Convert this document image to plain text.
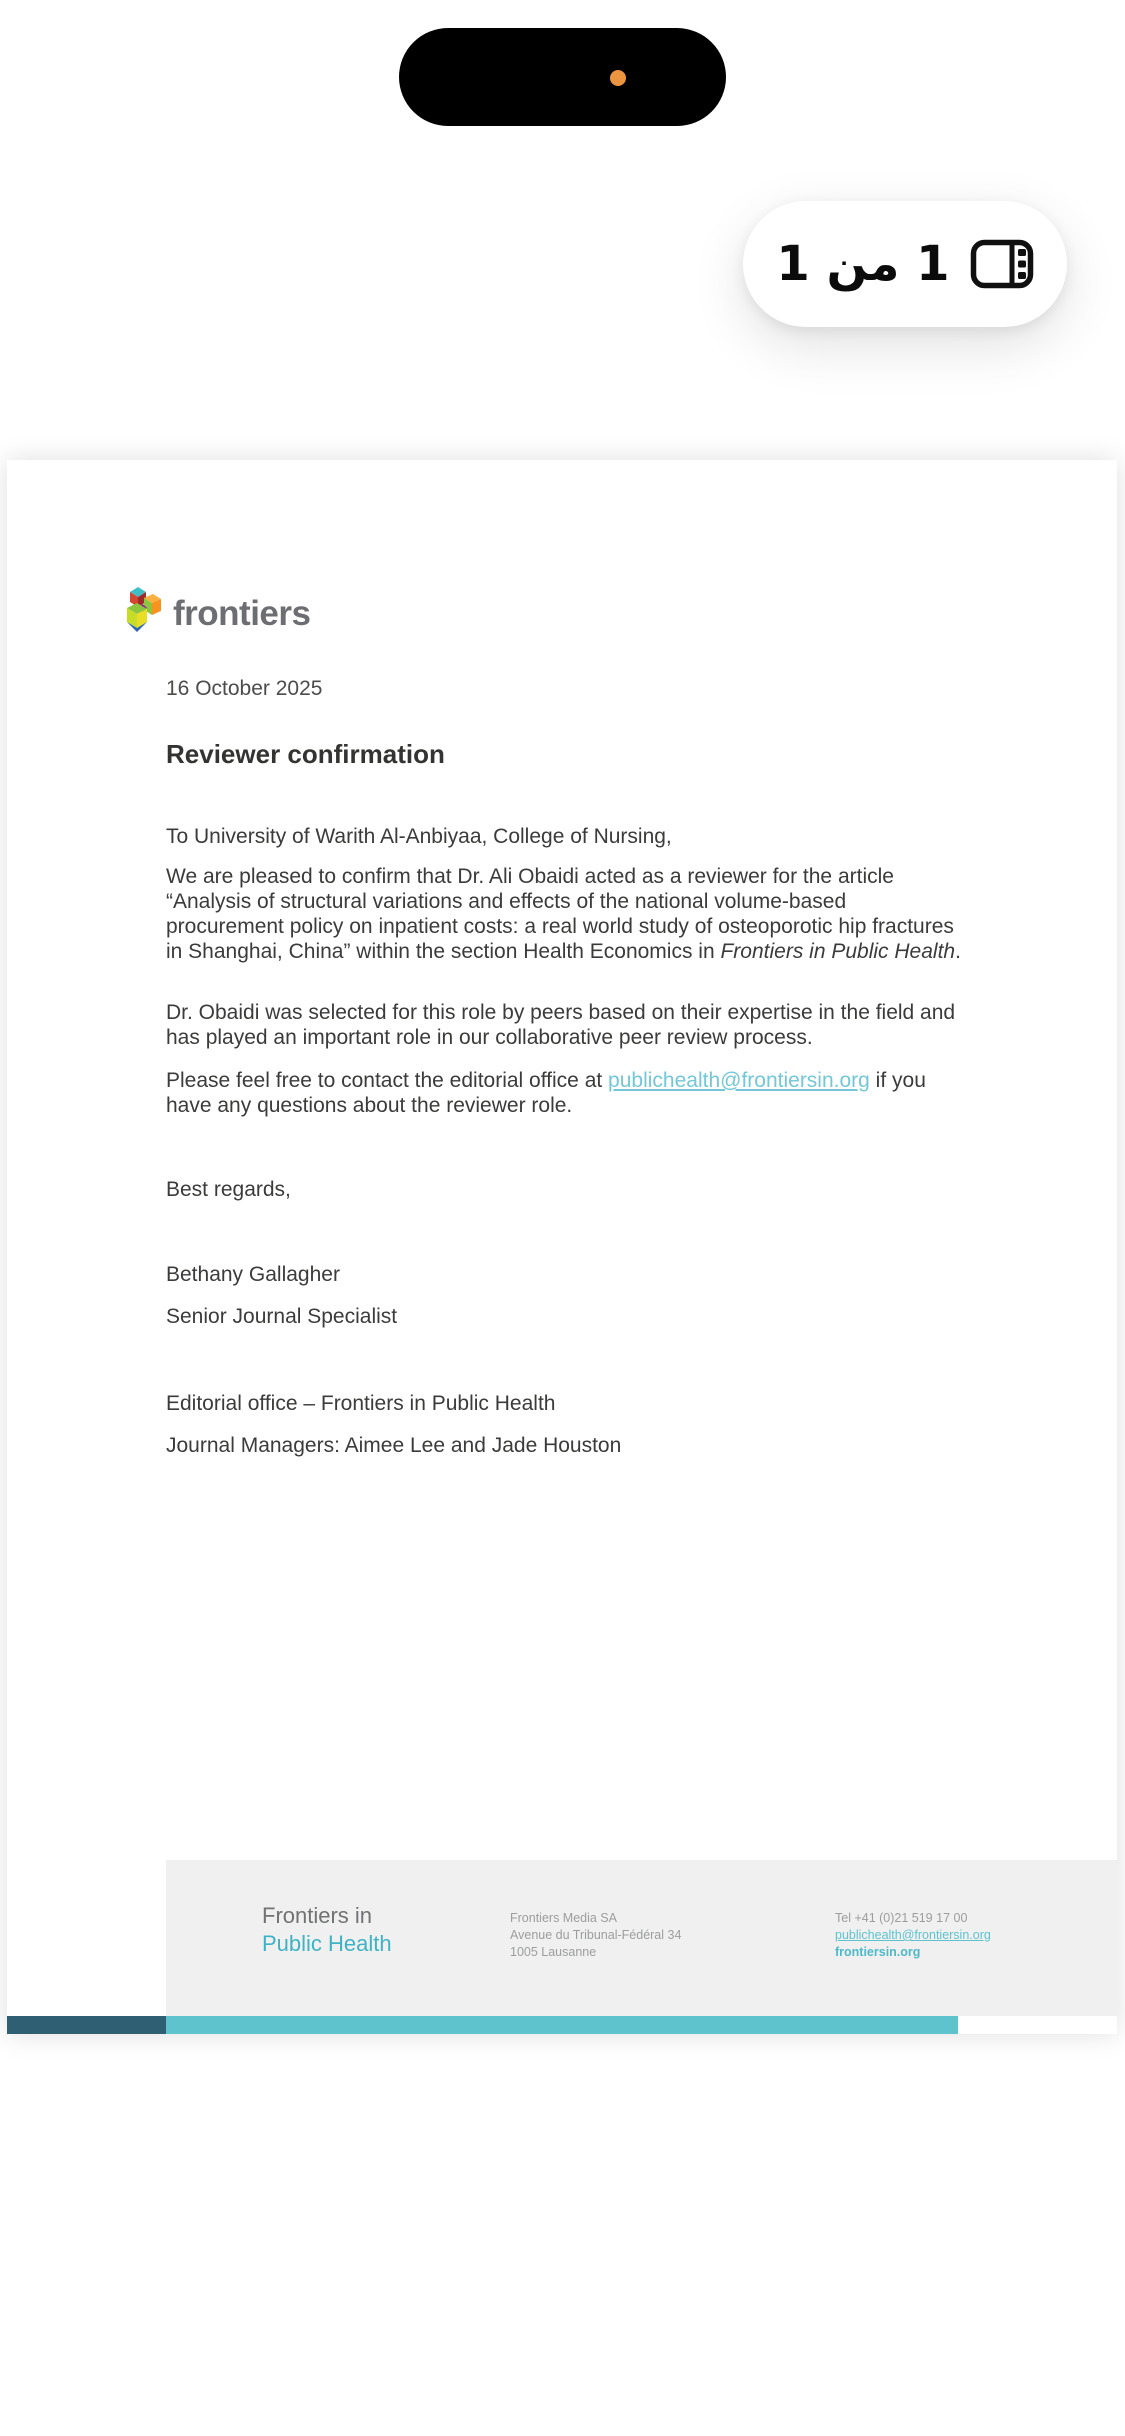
1 من 1
frontiers
16 October 2025
Reviewer confirmation
To University of Warith Al-Anbiyaa, College of Nursing,
We are pleased to confirm that Dr. Ali Obaidi acted as a reviewer for the article “Analysis of structural variations and effects of the national volume-based procurement policy on inpatient costs: a real world study of osteoporotic hip fractures in Shanghai, China” within the section Health Economics in Frontiers in Public Health.
Dr. Obaidi was selected for this role by peers based on their expertise in the field and has played an important role in our collaborative peer review process.
Please feel free to contact the editorial office at publichealth@frontiersin.org if you have any questions about the reviewer role.
Best regards,
Bethany Gallagher
Senior Journal Specialist
Editorial office – Frontiers in Public Health
Journal Managers: Aimee Lee and Jade Houston
Frontiers in
Public Health
Frontiers Media SA
Avenue du Tribunal-Fédéral 34
1005 Lausanne
Tel +41 (0)21 519 17 00
publichealth@frontiersin.org
frontiersin.org
